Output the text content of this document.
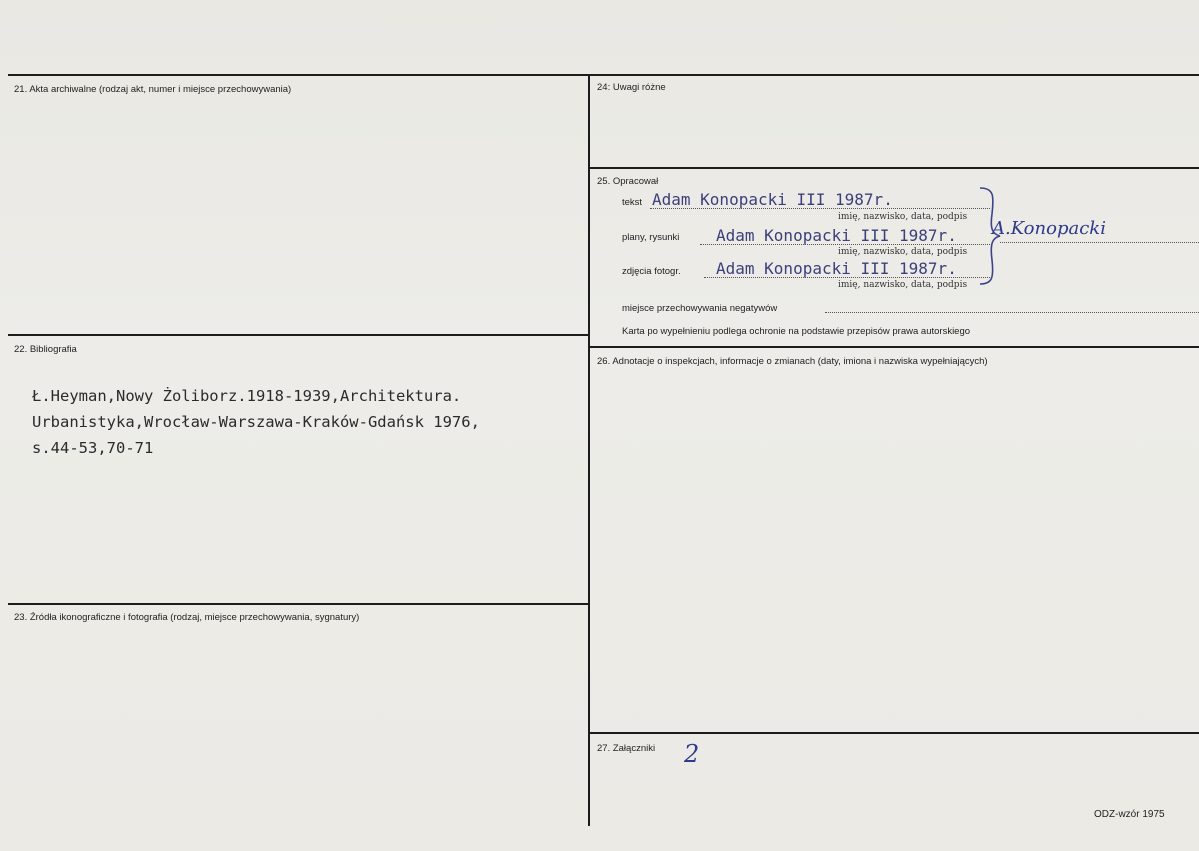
21. Akta archiwalne (rodzaj akt, numer i miejsce przechowywania)
22. Bibliografia
Ł.Heyman,Nowy Żoliborz.1918-1939,Architektura.
Urbanistyka,Wrocław-Warszawa-Kraków-Gdańsk 1976,
s.44-53,70-71
23. Źródła ikonograficzne i fotografia (rodzaj, miejsce przechowywania, sygnatury)
24: Uwagi różne
25. Opracował
tekst Adam Konopacki III 1987r.
imię, nazwisko, data, podpis
plany, rysunki Adam Konopacki III 1987r.
imię, nazwisko, data, podpis
zdjęcia fotogr. Adam Konopacki III 1987r.
imię, nazwisko, data, podpis
A.Konopacki
miejsce przechowywania negatywów
Karta po wypełnieniu podlega ochronie na podstawie przepisów prawa autorskiego
26. Adnotacje o inspekcjach, informacje o zmianach (daty, imiona i nazwiska wypełniających)
27. Załączniki 2
ODZ-wzór 1975
